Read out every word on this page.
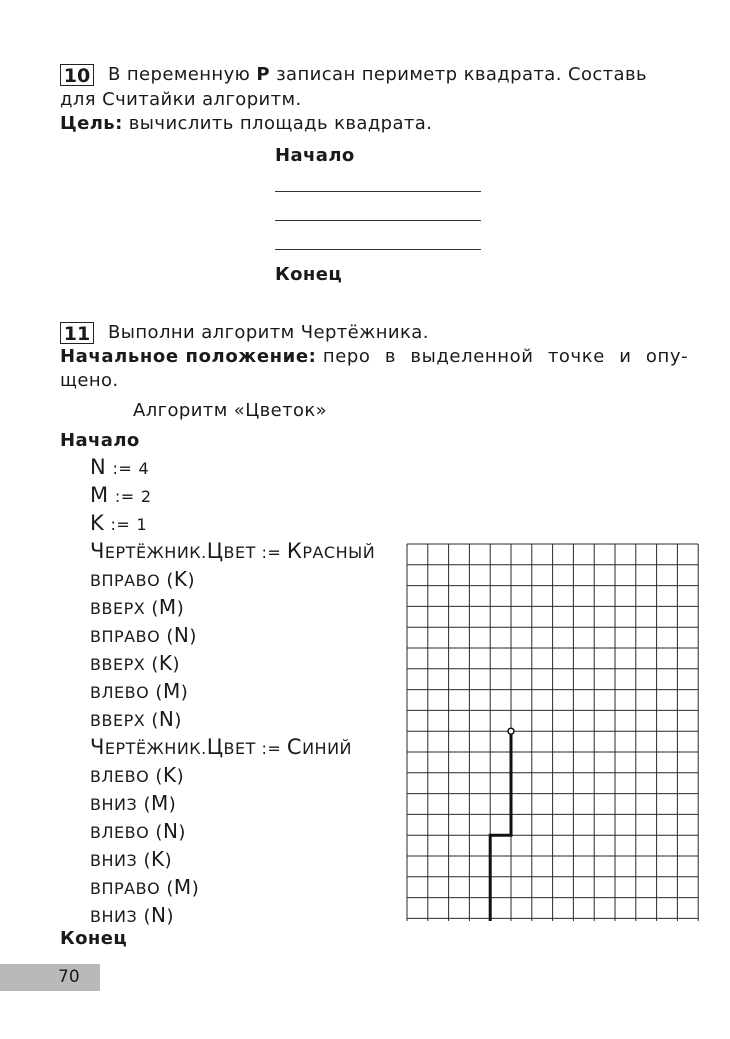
10 В переменную P записан периметр квадрата. Составь
для Считайки алгоритм.
Цель: вычислить площадь квадрата.
Начало
Конец
11 Выполни алгоритм Чертёжника.
Начальное положение: перо в выделенной точке и опу-
щено.
Алгоритм «Цветок»
Начало
N := 4
M := 2
K := 1
ЧЕРТЁЖНИК.ЦВЕТ := КРАСНЫЙ
ВПРАВО (K)
ВВЕРХ (M)
ВПРАВО (N)
ВВЕРХ (K)
ВЛЕВО (M)
ВВЕРХ (N)
ЧЕРТЁЖНИК.ЦВЕТ := СИНИЙ
ВЛЕВО (K)
ВНИЗ (M)
ВЛЕВО (N)
ВНИЗ (K)
ВПРАВО (M)
ВНИЗ (N)
Конец
70
